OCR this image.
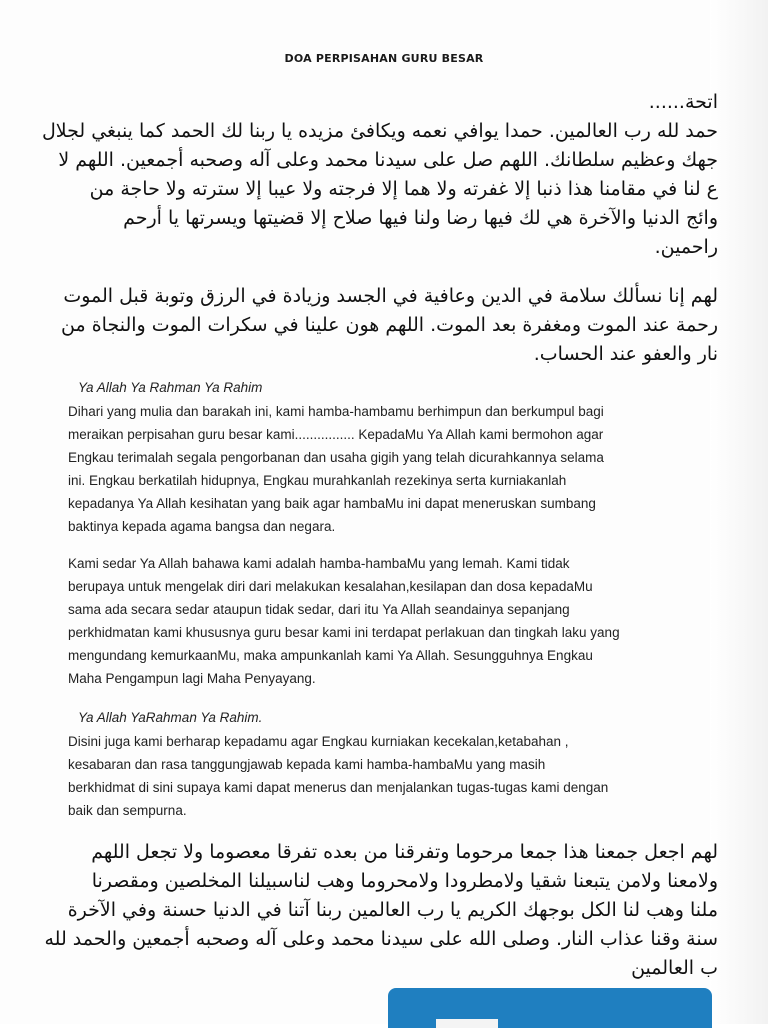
DOA PERPISAHAN GURU BESAR
اتحة......
حمد لله رب العالمين. حمدا يوافي نعمه ويكافئ مزيده يا ربنا لك الحمد كما ينبغي لجلال
جهك وعظيم سلطانك. اللهم صل على سيدنا محمد وعلى آله وصحبه أجمعين. اللهم لا
ع لنا في مقامنا هذا ذنبا إلا غفرته ولا هما إلا فرجته ولا عيبا إلا سترته ولا حاجة من
وائج الدنيا والآخرة هي لك فيها رضا ولنا فيها صلاح إلا قضيتها ويسرتها يا أرحم
راحمين.
لهم إنا نسألك سلامة في الدين وعافية في الجسد وزيادة في الرزق وتوبة قبل الموت
رحمة عند الموت ومغفرة بعد الموت. اللهم هون علينا في سكرات الموت والنجاة من
نار والعفو عند الحساب.
Ya Allah Ya Rahman Ya Rahim
Dihari yang mulia dan barakah ini, kami hamba-hambamu berhimpun dan berkumpul bagi
meraikan perpisahan guru besar kami................ KepadaMu Ya Allah kami bermohon agar
Engkau terimalah segala pengorbanan dan usaha gigih yang telah dicurahkannya selama
ini. Engkau berkatilah hidupnya, Engkau murahkanlah rezekinya serta kurniakanlah
kepadanya Ya Allah kesihatan yang baik agar hambaMu ini dapat meneruskan sumbang
baktinya kepada agama bangsa dan negara.
Kami sedar Ya Allah bahawa kami adalah hamba-hambaMu yang lemah. Kami tidak
berupaya untuk mengelak diri dari melakukan kesalahan,kesilapan dan dosa kepadaMu
sama ada secara sedar ataupun tidak sedar, dari itu Ya Allah seandainya sepanjang
perkhidmatan kami khususnya guru besar kami ini terdapat perlakuan dan tingkah laku yang
mengundang kemurkaanMu, maka ampunkanlah kami Ya Allah. Sesungguhnya Engkau
Maha Pengampun lagi Maha Penyayang.
Ya Allah YaRahman Ya Rahim.
Disini juga kami berharap kepadamu agar Engkau kurniakan kecekalan,ketabahan ,
kesabaran dan rasa tanggungjawab kepada kami hamba-hambaMu yang masih
berkhidmat di sini supaya kami dapat menerus dan menjalankan tugas-tugas kami dengan
baik dan sempurna.
لهم اجعل جمعنا هذا جمعا مرحوما وتفرقنا من بعده تفرقا معصوما ولا تجعل اللهم
ولامعنا ولامن يتبعنا شقيا ولامطرودا ولامحروما وهب لناسبيلنا المخلصين ومقصرنا
ملنا وهب لنا الكل بوجهك الكريم يا رب العالمين ربنا آتنا في الدنيا حسنة وفي الآخرة
سنة وقنا عذاب النار. وصلى الله على سيدنا محمد وعلى آله وصحبه أجمعين والحمد لله
ب العالمين
